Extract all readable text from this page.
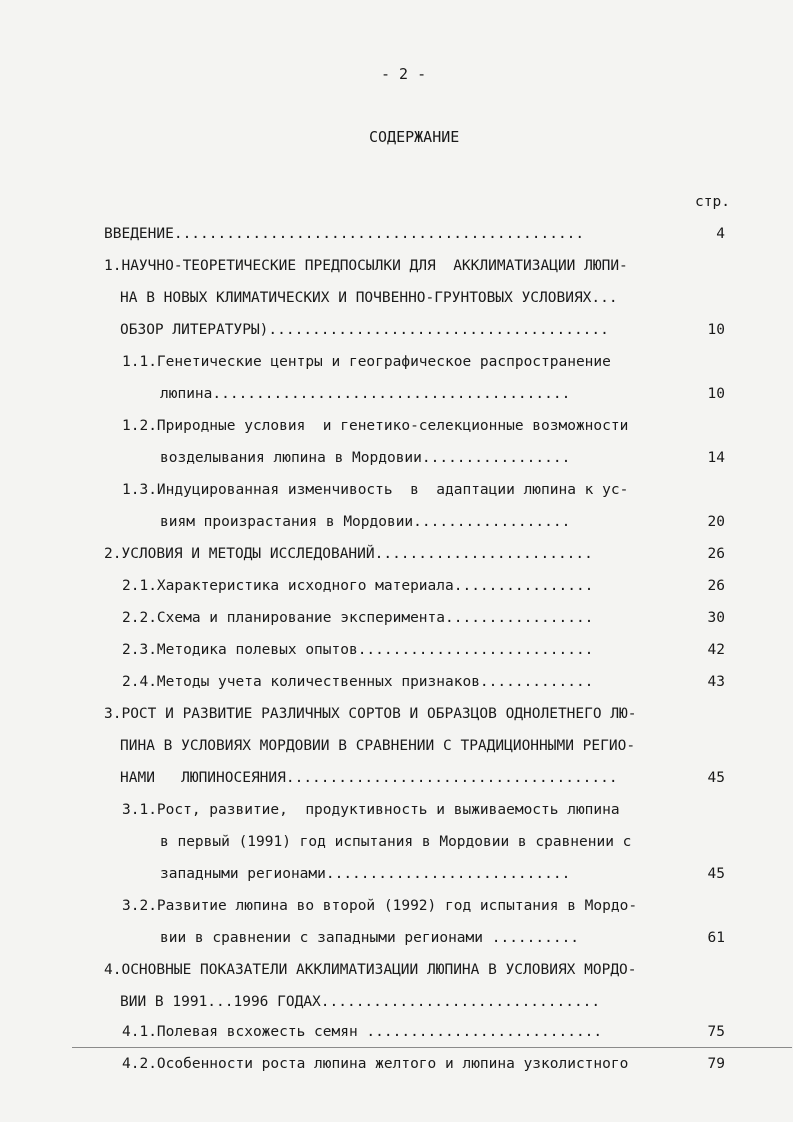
- 2 -
СОДЕРЖАНИЕ
стр.
ВВЕДЕНИЕ...............................................	4
1.НАУЧНО-ТЕОРЕТИЧЕСКИЕ ПРЕДПОСЫЛКИ ДЛЯ  АККЛИМАТИЗАЦИИ ЛЮПИ-
НА В НОВЫХ КЛИМАТИЧЕСКИХ И ПОЧВЕННО-ГРУНТОВЫХ УСЛОВИЯХ...
ОБЗОР ЛИТЕРАТУРЫ).......................................	10
1.1.Генетические центры и географическое распространение
люпина.........................................	10
1.2.Природные условия  и генетико-селекционные возможности
возделывания люпина в Мордовии.................	14
1.3.Индуцированная изменчивость  в  адаптации люпина к ус-
виям произрастания в Мордовии..................	20
2.УСЛОВИЯ И МЕТОДЫ ИССЛЕДОВАНИЙ.........................	26
2.1.Характеристика исходного материала................	26
2.2.Схема и планирование эксперимента.................	30
2.3.Методика полевых опытов...........................	42
2.4.Методы учета количественных признаков.............	43
3.РОСТ И РАЗВИТИЕ РАЗЛИЧНЫХ СОРТОВ И ОБРАЗЦОВ ОДНОЛЕТНЕГО ЛЮ-
ПИНА В УСЛОВИЯХ МОРДОВИИ В СРАВНЕНИИ С ТРАДИЦИОННЫМИ РЕГИО-
НАМИ   ЛЮПИНОСЕЯНИЯ......................................	45
3.1.Рост, развитие,  продуктивность и выживаемость люпина
в первый (1991) год испытания в Мордовии в сравнении с
западными регионами............................	45
3.2.Развитие люпина во второй (1992) год испытания в Мордо-
вии в сравнении с западными регионами ..........	61
4.ОСНОВНЫЕ ПОКАЗАТЕЛИ АККЛИМАТИЗАЦИИ ЛЮПИНА В УСЛОВИЯХ МОРДО-
ВИИ В 1991...1996 ГОДАХ................................
4.1.Полевая всхожесть семян ...........................	75
4.2.Особенности роста люпина желтого и люпина узколистного	79
